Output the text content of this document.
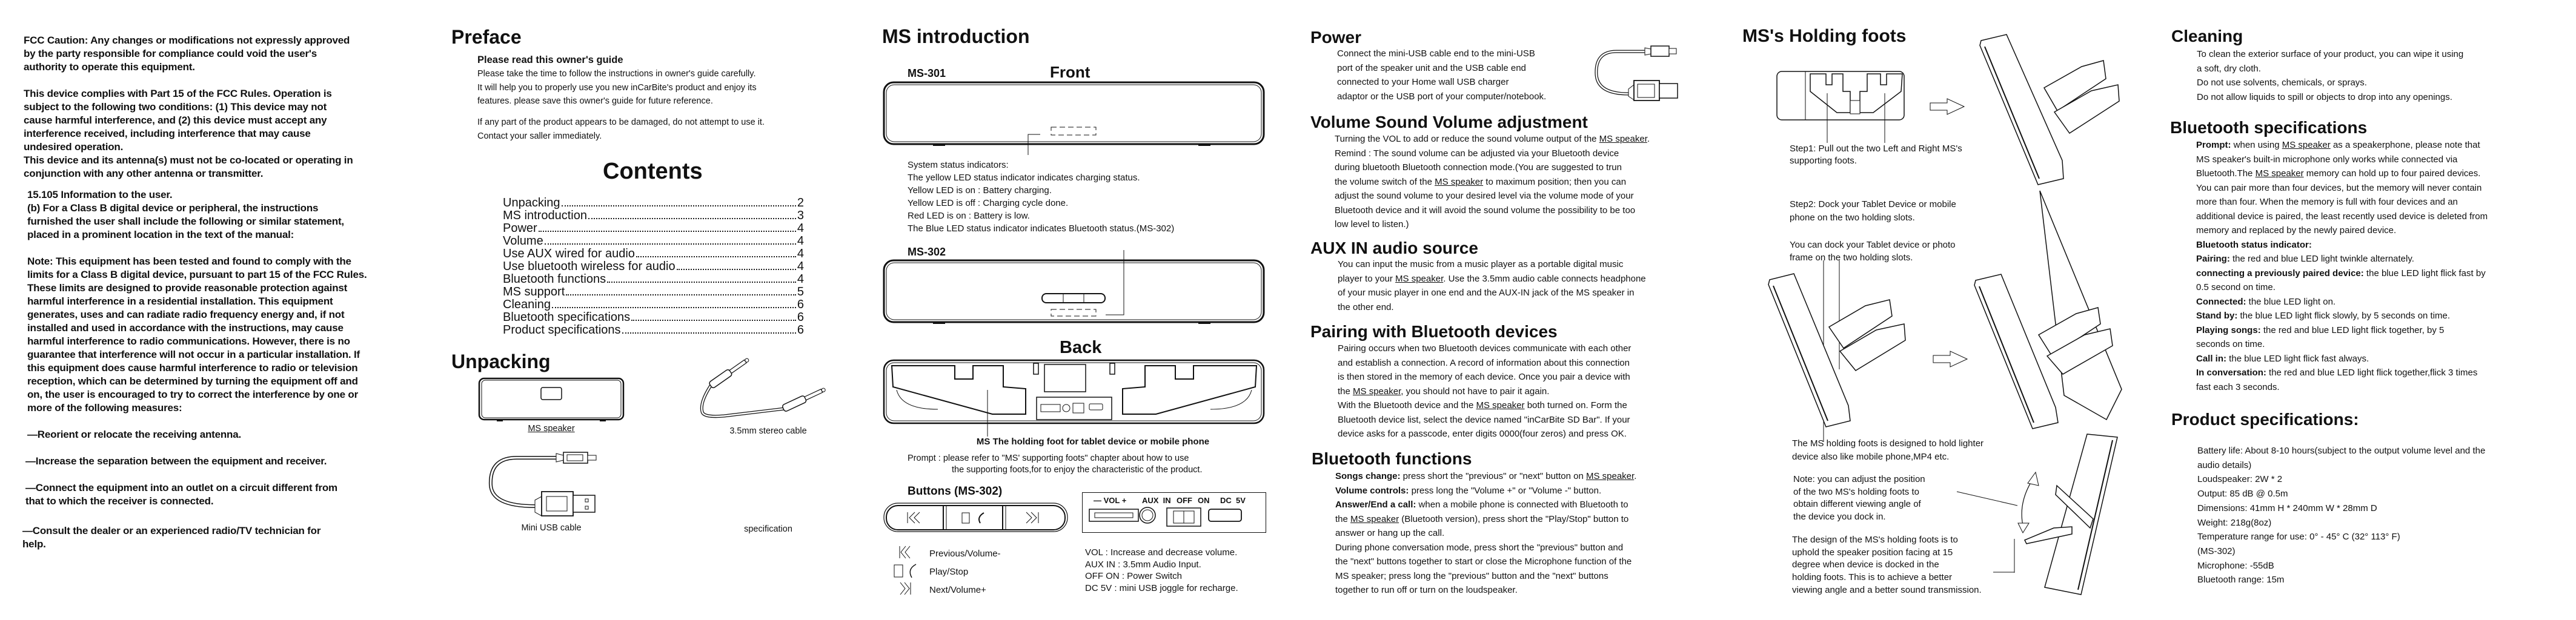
FCC Caution: Any changes or modifications not expressly approved
by the party responsible for compliance could void the user's
authority to operate this equipment.
This device complies with Part 15 of the FCC Rules. Operation is
subject to the following two conditions: (1) This device may not
cause harmful interference, and (2) this device must accept any
interference received, including interference that may cause
undesired operation.
This device and its antenna(s) must not be co-located or operating in
conjunction with any other antenna or transmitter.
15.105 Information to the user.
(b) For a Class B digital device or peripheral, the instructions
furnished the user shall include the following or similar statement,
placed in a prominent location in the text of the manual:
Note: This equipment has been tested and found to comply with the
limits for a Class B digital device, pursuant to part 15 of the FCC Rules.
These limits are designed to provide reasonable protection against
harmful interference in a residential installation. This equipment
generates, uses and can radiate radio frequency energy and, if not
installed and used in accordance with the instructions, may cause
harmful interference to radio communications. However, there is no
guarantee that interference will not occur in a particular installation. If
this equipment does cause harmful interference to radio or television
reception, which can be determined by turning the equipment off and
on, the user is encouraged to try to correct the interference by one or
more of the following measures:
—Reorient or relocate the receiving antenna.
—Increase the separation between the equipment and receiver.
—Connect the equipment into an outlet on a circuit different from
that to which the receiver is connected.
—Consult the dealer or an experienced radio/TV technician for
help.
Preface
Please read this owner's guide
Please take the time to follow the instructions in owner's guide carefully.
It will help you to properly use you new inCarBite's product and enjoy its
features. please save this owner's guide for future reference.
If any part of the product appears to be damaged, do not attempt to use it.
Contact your saller immediately.
Contents
Unpacking	2
MS introduction	3
Power	4
Volume	4
Use AUX wired for audio	4
Use bluetooth wireless for audio	4
Bluetooth functions	4
MS support	5
Cleaning	6
Bluetooth specifications	6
Product specifications	6
Unpacking
MS speaker	3.5mm stereo cable
Mini USB cable	specification
MS introduction
MS-301	Front
System status indicators:
The yellow LED status indicator indicates charging status.
Yellow LED is on : Battery charging.
Yellow LED is off : Charging cycle done.
Red LED is on : Battery is low.
The Blue LED status indicator indicates Bluetooth status.(MS-302)
MS-302
Back
MS The holding foot for tablet device or mobile phone
Prompt : please refer to "MS' supporting foots" chapter about how to use
the supporting foots,for to enjoy the characteristic of the product.
Buttons (MS-302)
— VOL + AUX  IN OFF ON DC  5V
Previous/Volume-
Play/Stop
Next/Volume+
VOL : Increase and decrease volume.
AUX IN : 3.5mm Audio Input.
OFF ON : Power Switch
DC 5V : mini USB joggle for recharge.
Power
Connect the mini-USB cable end to the mini-USB
port of the speaker unit and the USB cable end
connected to your Home wall USB charger
adaptor or the USB port of your computer/notebook.
Volume Sound Volume adjustment
Turning the VOL to add or reduce the sound volume output of the MS speaker.
Remind : The sound volume can be adjusted via your Bluetooth device
during bluetooth Bluetooth connection mode.(You are suggested to trun
the volume switch of the MS speaker to maximum position; then you can
adjust the sound volume to your desired level via the volume mode of your
Bluetooth device and it will avoid the sound volume the possibility to be too
low level to listen.)
AUX IN audio source
You can input the music from a music player as a portable digital music
player to your MS speaker. Use the 3.5mm audio cable connects headphone
of your music player in one end and the AUX-IN jack of the MS speaker in
the other end.
Pairing with Bluetooth devices
Pairing occurs when two Bluetooth devices communicate with each other
and establish a connection. A record of information about this connection
is then stored in the memory of each device. Once you pair a device with
the MS speaker, you should not have to pair it again.
With the Bluetooth device and the MS speaker both turned on. Form the
Bluetooth device list, select the device named "inCarBite SD Bar". If your
device asks for a passcode, enter digits 0000(four zeros) and press OK.
Bluetooth functions
Songs change: press short the "previous" or "next" button on MS speaker.
Volume controls: press long the "Volume +" or "Volume -" button.
Answer/End a call: when a mobile phone is connected with Bluetooth to
the MS speaker (Bluetooth version), press short the "Play/Stop" button to
answer or hang up the call.
During phone conversation mode, press short the "previous" button and
the "next" buttons together to start or close the Microphone function of the
MS speaker; press long the "previous" button and the "next" buttons
together to run off or turn on the loudspeaker.
MS's Holding foots
Step1: Pull out the two Left and Right MS's
supporting foots.
Step2: Dock your Tablet Device or mobile
phone on the two holding slots.
You can dock your Tablet device or photo
frame on the two holding slots.
The MS holding foots is designed to hold lighter
device also like mobile phone,MP4 etc.
Note: you can adjust the position
of the two MS's holding foots to
obtain different viewing angle of
the device you dock in.
The design of the MS's holding foots is to
uphold the speaker position facing at 15
degree when device is docked in the
holding foots. This is to achieve a better
viewing angle and a better sound transmission.
Cleaning
To clean the exterior surface of your product, you can wipe it using
a soft, dry cloth.
Do not use solvents, chemicals, or sprays.
Do not allow liquids to spill or objects to drop into any openings.
Bluetooth specifications
Prompt: when using MS speaker as a speakerphone, please note that
MS speaker's built-in microphone only works while connected via
Bluetooth.The MS speaker memory can hold up to four paired devices.
You can pair more than four devices, but the memory will never contain
more than four. When the memory is full with four devices and an
additional device is paired, the least recently used device is deleted from
memory and replaced by the newly paired device.
Bluetooth status indicator:
Pairing: the red and blue LED light twinkle alternately.
connecting a previously paired device: the blue LED light flick fast by
0.5 second on time.
Connected: the blue LED light on.
Stand by: the blue LED light flick slowly, by 5 seconds on time.
Playing songs: the red and blue LED light flick together, by 5
seconds on time.
Call in: the blue LED light flick fast always.
In conversation: the red and blue LED light flick together,flick 3 times
fast each 3 seconds.
Product specifications:
Battery life: About 8-10 hours(subject to the output volume level and the
audio details)
Loudspeaker: 2W * 2
Output: 85 dB @ 0.5m
Dimensions: 41mm H * 240mm W * 28mm D
Weight: 218g(8oz)
Temperature range for use: 0° - 45° C (32° 113° F)
(MS-302)
Microphone: -55dB
Bluetooth range: 15m
